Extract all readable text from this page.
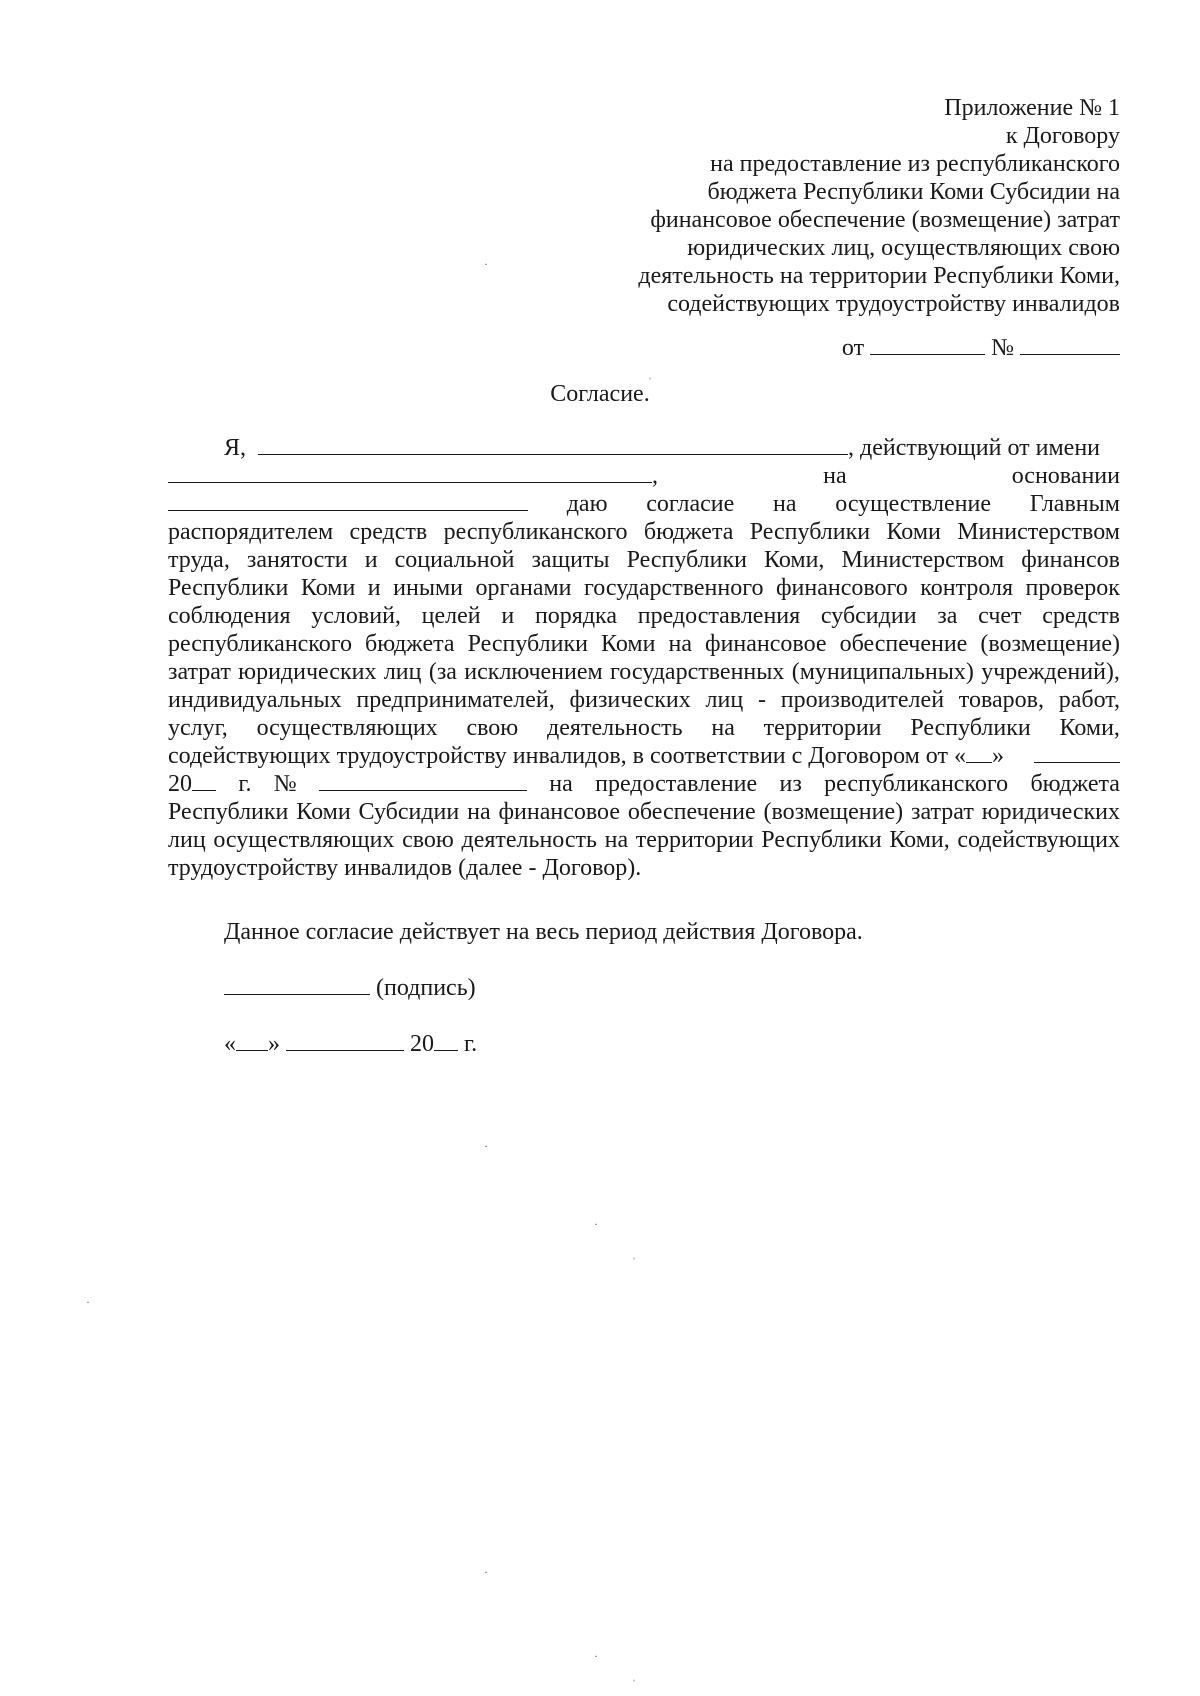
Приложение № 1
к Договору
на предоставление из республиканского
бюджета Республики Коми Субсидии на
финансовое обеспечение (возмещение) затрат
юридических лиц, осуществляющих свою
деятельность на территории Республики Коми,
содействующих трудоустройству инвалидов
от	№
Согласие.
Я,	, действующий от имени
,	на	основании
даю согласие на осуществление Главным
распорядителем средств республиканского бюджета Республики Коми Министерством
труда, занятости и социальной защиты Республики Коми, Министерством финансов
Республики Коми и иными органами государственного финансового контроля проверок
соблюдения условий, целей и порядка предоставления субсидии за счет средств
республиканского бюджета Республики Коми на финансовое обеспечение (возмещение)
затрат юридических лиц (за исключением государственных (муниципальных) учреждений),
индивидуальных предпринимателей, физических лиц - производителей товаров, работ,
услуг, осуществляющих свою деятельность на территории Республики Коми,
содействующих трудоустройству инвалидов, в соответствии с Договором от « »
20	г. №	на предоставление из республиканского бюджета
Республики Коми Субсидии на финансовое обеспечение (возмещение) затрат юридических
лиц осуществляющих свою деятельность на территории Республики Коми, содействующих
трудоустройству инвалидов (далее - Договор).
Данное согласие действует на весь период действия Договора.
(подпись)
« »	20 г.
·
ˈ
·
·
ˈ
·
·
·
ˈ
